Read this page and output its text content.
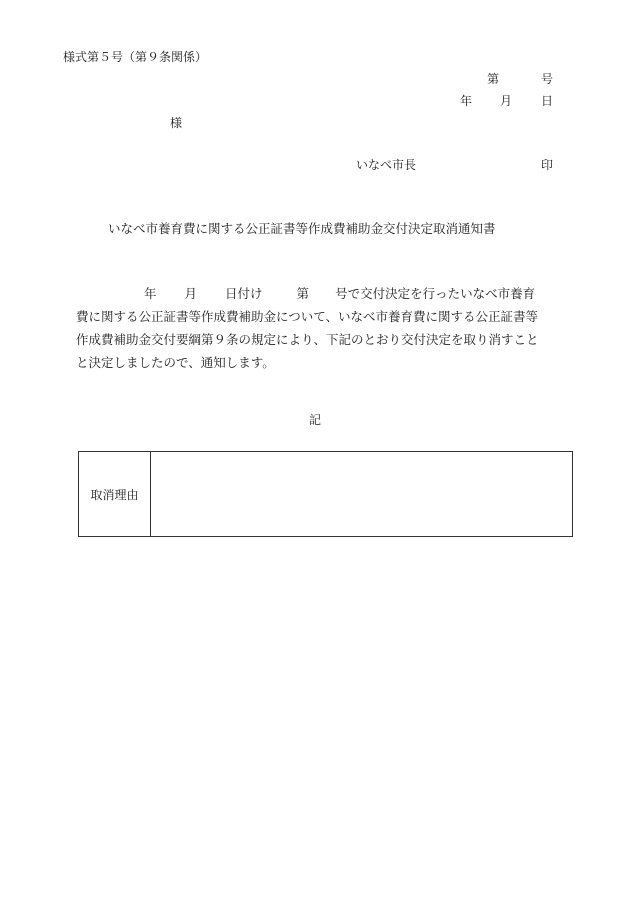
様式第５号（第９条関係）
第	号
年 月 日
様
いなべ市長	印
いなべ市養育費に関する公正証書等作成費補助金交付決定取消通知書
年 月 日付け	第 号で交付決定を行ったいなべ市養育
費に関する公正証書等作成費補助金について、いなべ市養育費に関する公正証書等
作成費補助金交付要綱第９条の規定により、下記のとおり交付決定を取り消すこと
と決定しましたので、通知します。
記
取消理由	
